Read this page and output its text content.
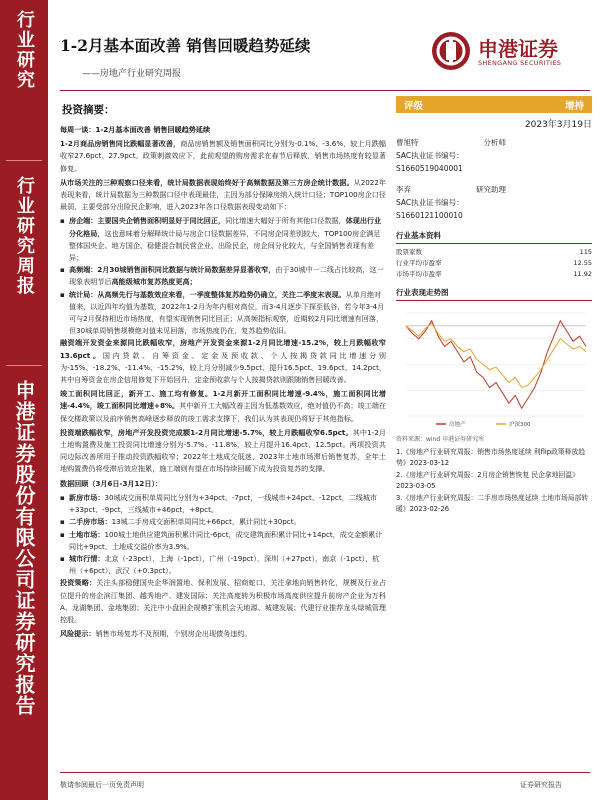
行业研究
行业研究周报
申港证券股份有限公司证券研究报告
1-2月基本面改善 销售回暖趋势延续
——房地产行业研究周报
申港证券
SHENGANG SECURITIES
投资摘要：

每周一谈：1-2月基本面改善 销售回暖趋势延续

1-2月商品房销售同比跌幅显著改善，商品房销售额及销售面积同比分别为-0.1%、-3.6%，较上月跌幅收窄27.6pct、27.9pct。政策刺激效应下，此前观望的购房需求在春节后释放，销售市场热度有较显著修复。

从市场关注的三种观察口径来看，统计局数据表现始终好于高频数据及第三方房企统计数据。从2022年表现来看，统计局数据为三种数据口径中表现最佳，主因为部分保障房纳入统计口径；TOP100房企口径最弱，主要受部分出险民企影响，进入2023年各口径数据表现变动如下：

▪ 房企端：主要国央企销售面积明显好于同比回正，同比增速大幅好于所有其他口径数据，体现出行业分化格局，这也意味着分解释统计局与房企口径数据差异，不同房企同差别较大，TOP100房企满足整体国央企、地方国企、稳健混合制民营企业、出险民企，房企间分化较大，与全国销售表现有差异；
▪ 高频端：2月30城销售面积同比数据与统计局数据差异显著收窄，由于30城中一二线占比较高，这一现象表明节后高能级城市复苏热度更高；
▪ 统计局：从高频先行与基数效应来看，一季度整体复苏趋势仍确立，关注二季度末表现。从单月绝对值来，以近四年均值为基数，2022年1-2月为年内相对高位，而3-4月逐步下探至低谷，若今年3-4月可与2月保持相近市场热度，有望实现销售同比回正；从高频指标观察，近期较2月同比增速有回落，但30城单周销售规模绝对值未见回落，市场热度仍在，复苏趋势依旧。

融资端开发资金来源同比跌幅收窄，房地产开发资金来源1-2月同比增速-15.2%，较上月跌幅收窄13.6pct。国内贷款、自筹资金、定金及预收款、个人按揭贷款同比增速分别为-15%、-18.2%、-11.4%、-15.2%，较上月分别减少9.5pct、提升16.5pct、19.6pct、14.2pct，其中自筹资金在房企信用修复下开始回升，定金预收款与个人按揭贷款则跟随销售回暖改善。

竣工面积同比回正，新开工、施工均有修复。1-2月新开工面积同比增速-9.4%，施工面积同比增速-4.4%，竣工面积同比增速+8%。其中新开工大幅改善主因为低基数效应，绝对值仍不高；竣工端在保交楼政策以及前序销售高峰逐步释放的竣工需求支撑下，我们认为其表现仍将好于其他指标。

投资端跌幅收窄，房地产开发投资完成额1-2月同比增速-5.7%，较上月跌幅收窄6.5pct。其中1-2月土地购置费及施工投资同比增速分别为-5.7%、-11.8%，较上月提升16.4pct、12.5pct。两项投资共同边际改善所用于推动投资跌幅收窄；2022年土地成交低迷，2023年土地市场滞后销售复苏，全年土地购置费仍将受滞后效应拖累，施工端则有望在市场持续回暖下成为投资复苏的支撑。

数据回顾（3月6日-3月12日）：

▪ 新房市场：30城成交面积单周同比分别为+34pct、-7pct，一线城市+24pct、-12pct，二线城市+33pct、-9pct，三线城市+46pct，+8pct。
▪ 二手房市场：13城二手房成交面积单周同比+66pct，累计同比+30pct。
▪ 土地市场：100城土地供应建筑面积累计同比-6pct，成交建筑面积累计同比+14pct，成交金额累计同比+9pct，土地成交溢价率为3.9%。
▪ 城市行情：北京（-23pct），上海（-1pct），广州（-19pct），深圳（+27pct），南京（-1pct），杭州（+6pct），武汉（+0.3pct）。

投资策略：关注头部稳健国央企华润置地、保利发展、招商蛇口，关注拿地向销售转化，规模及行业占位提升的房企滨江集团、越秀地产、建发国际；关注高度转为积极市场高度供应提升前房产企业为万科A、龙湖集团、金地集团；关注中小盘困企规模扩张机会天地源、城建发展；代建行业推荐龙头绿城管理控股。

风险提示：销售市场复苏不及预期，个别房企出现债务违约。

评级	增持
2023年3月19日
曹旭特	分析师
SAC执业证书编号：
S1660519040001
李弃	研究助理
SAC执业证书编号：
S1660121100010
行业基本资料
股票家数	115
行业平均市盈率	12.55
市场平均市盈率	11.92
行业表现走势图
房地产	沪深300
资料来源：wind 申港证券研究所

1.《房地产行业研究周报：销售市场热度延续 利flip政策释放趋势》2023-03-12

2.《房地产行业研究周报：2月房企销售恢复 民企拿地回温》2023-03-05

3.《房地产行业研究周报：二手房市场热度延续 土地市场局部转暖》2023-02-26

敬请参阅最后一页免责声明	证券研究报告
